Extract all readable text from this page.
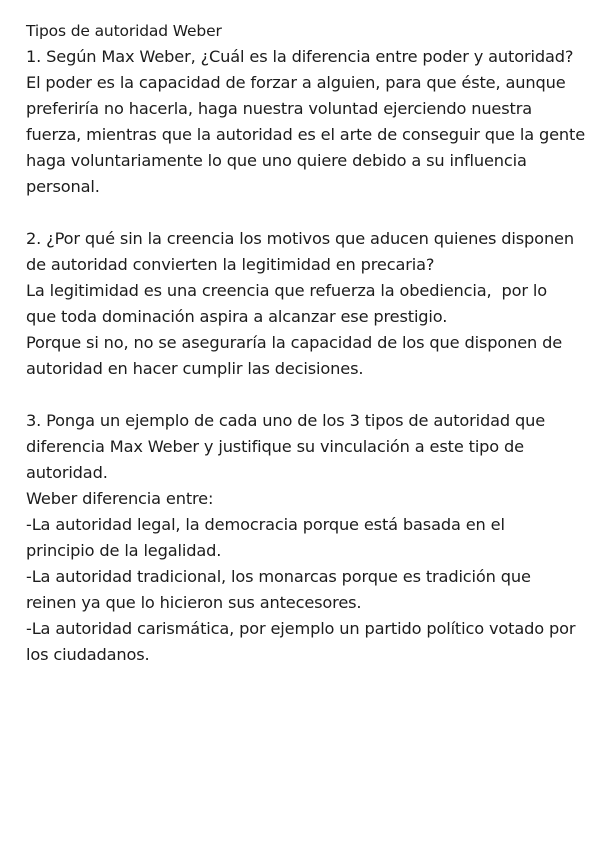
Tipos de autoridad Weber

1. Según Max Weber, ¿Cuál es la diferencia entre poder y autoridad?

El poder es la capacidad de forzar a alguien, para que éste, aunque

preferiría no hacerla, haga nuestra voluntad ejerciendo nuestra

fuerza, mientras que la autoridad es el arte de conseguir que la gente

haga voluntariamente lo que uno quiere debido a su influencia

personal.

2. ¿Por qué sin la creencia los motivos que aducen quienes disponen

de autoridad convierten la legitimidad en precaria?

La legitimidad es una creencia que refuerza la obediencia,  por lo

que toda dominación aspira a alcanzar ese prestigio.

Porque si no, no se aseguraría la capacidad de los que disponen de

autoridad en hacer cumplir las decisiones.

3. Ponga un ejemplo de cada uno de los 3 tipos de autoridad que

diferencia Max Weber y justifique su vinculación a este tipo de

autoridad.

Weber diferencia entre:

-La autoridad legal, la democracia porque está basada en el

principio de la legalidad.

-La autoridad tradicional, los monarcas porque es tradición que

reinen ya que lo hicieron sus antecesores.

-La autoridad carismática, por ejemplo un partido político votado por

los ciudadanos.
